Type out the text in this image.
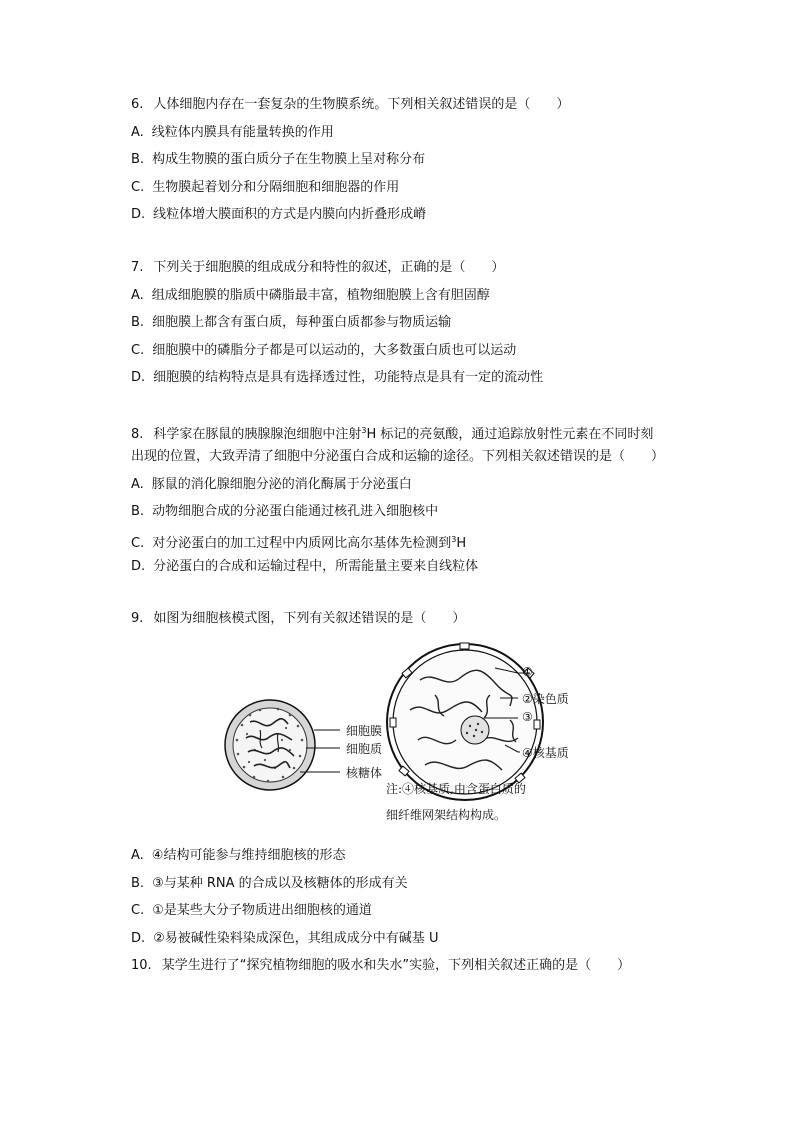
6. 人体细胞内存在一套复杂的生物膜系统。下列相关叙述错误的是（　　）
A. 线粒体内膜具有能量转换的作用
B. 构成生物膜的蛋白质分子在生物膜上呈对称分布
C. 生物膜起着划分和分隔细胞和细胞器的作用
D. 线粒体增大膜面积的方式是内膜向内折叠形成嵴
7. 下列关于细胞膜的组成成分和特性的叙述，正确的是（　　）
A. 组成细胞膜的脂质中磷脂最丰富，植物细胞膜上含有胆固醇
B. 细胞膜上都含有蛋白质，每种蛋白质都参与物质运输
C. 细胞膜中的磷脂分子都是可以运动的，大多数蛋白质也可以运动
D. 细胞膜的结构特点是具有选择透过性，功能特点是具有一定的流动性
8. 科学家在豚鼠的胰腺腺泡细胞中注射$^3$H 标记的亮氨酸，通过追踪放射性元素在不同时刻
出现的位置，大致弄清了细胞中分泌蛋白合成和运输的途径。下列相关叙述错误的是（　　）
A. 豚鼠的消化腺细胞分泌的消化酶属于分泌蛋白
B. 动物细胞合成的分泌蛋白能通过核孔进入细胞核中
C. 对分泌蛋白的加工过程中内质网比高尔基体先检测到$^3$H
D. 分泌蛋白的合成和运输过程中，所需能量主要来自线粒体
9. 如图为细胞核模式图，下列有关叙述错误的是（　　）
细胞膜
细胞质
核糖体
①
②染色质
③
④核基质
注:④核基质,由含蛋白质的
细纤维网架结构构成。
A. ④结构可能参与维持细胞核的形态
B. ③与某种 RNA 的合成以及核糖体的形成有关
C. ①是某些大分子物质进出细胞核的通道
D. ②易被碱性染料染成深色，其组成成分中有碱基 U
10. 某学生进行了“探究植物细胞的吸水和失水”实验，下列相关叙述正确的是（　　）
